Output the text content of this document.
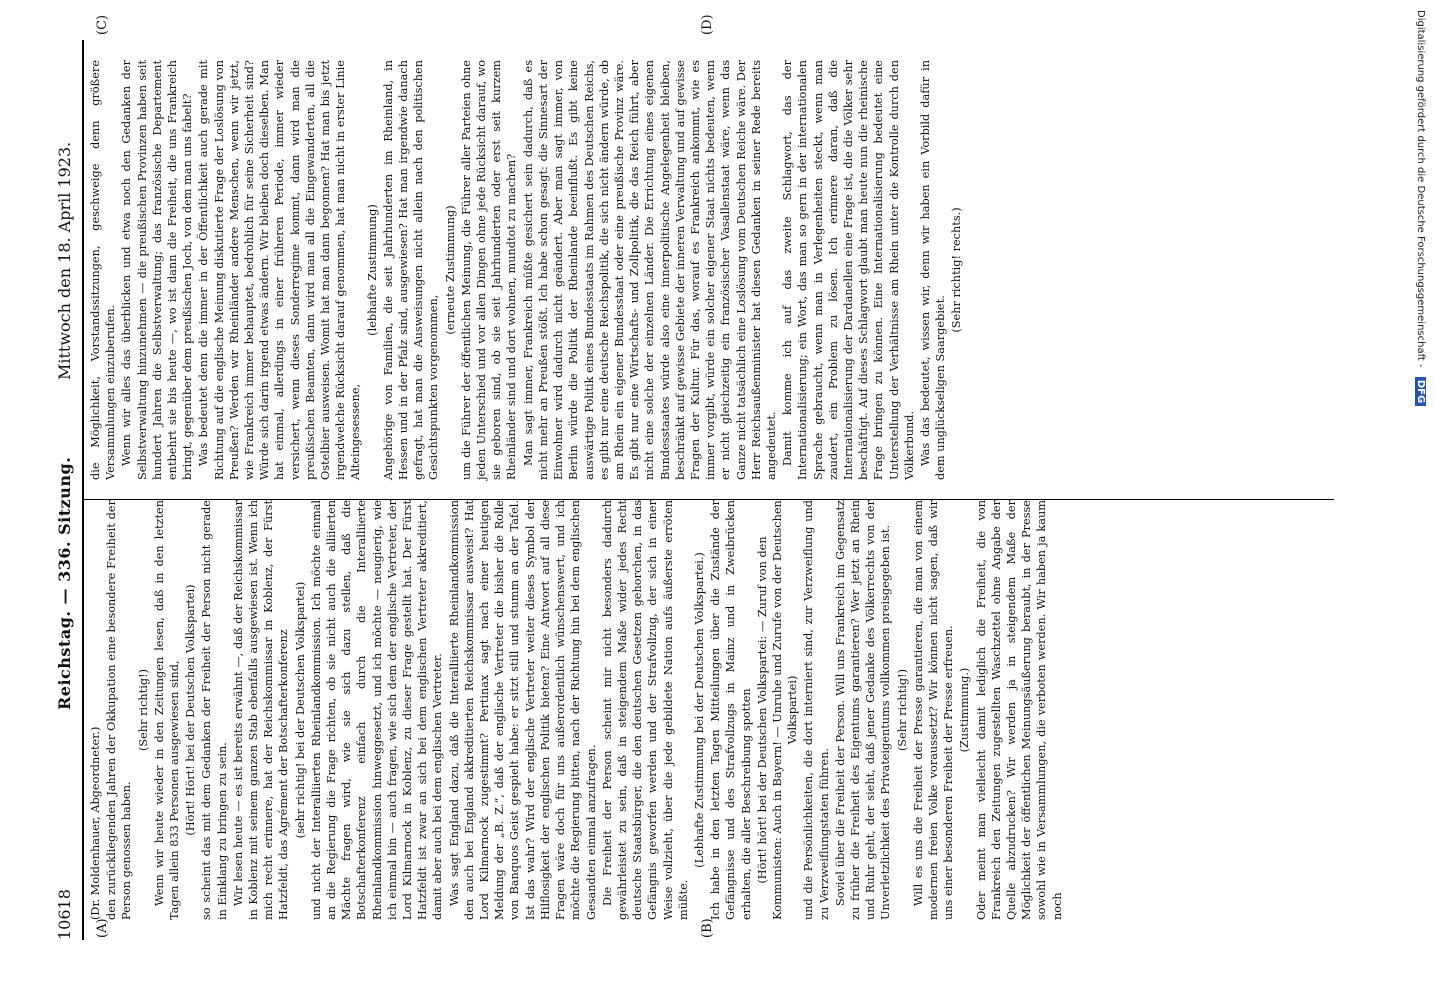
10618
Reichstag. — 336. Sitzung.
Mittwoch den 18. April 1923.
(A)	(B)
(C)	(D)

(Dr. Moldenhauer, Abgeordneter.) den zurückliegenden Jahren der Okkupation eine besondere Freiheit der Person genossen haben.

(Sehr richtig!) Wenn wir heute wieder in den Zeitungen lesen, daß in den letzten Tagen allein 833 Personen ausgewiesen sind, (Hört! Hört! bei der Deutschen Volkspartei) so scheint das mit dem Gedanken der Freiheit der Person nicht gerade in Einklang zu bringen zu sein. Wir lesen heute — es ist bereits erwähnt —, daß der Reichskommissar in Koblenz mit seinem ganzen Stab ebenfalls ausgewiesen ist. Wenn ich mich recht erinnere, hat der Reichskommissar in Koblenz, der Fürst Hatzfeldt, das Agrément der Botschafterkonferenz (sehr richtig! bei der Deutschen Volkspartei) und nicht der Interalliierten Rheinlandkommission. Ich möchte einmal an die Regierung die Frage richten, ob sie nicht auch die alliierten Mächte fragen wird, wie sie sich dazu stellen, daß die Botschafterkonferenz einfach durch die Interalliierte Rheinlandkommission hinweggesetzt, und ich möchte — neugierig, wie ich einmal bin — auch fragen, wie sich dem der englische Vertreter, der Lord Kilmarnock in Koblenz, zu dieser Frage gestellt hat. Der Fürst Hatzfeldt ist zwar an sich bei dem englischen Vertreter akkreditiert, damit aber auch bei dem englischen Vertreter. Was sagt England dazu, daß die Interalliierte Rheinlandkommission den auch bei England akkreditierten Reichskommissar ausweist? Hat Lord Kilmarnock zugestimmt? Pertinax sagt nach einer heutigen Meldung der „B. Z.“, daß der englische Vertreter die bisher die Rolle von Banquos Geist gespielt habe: er sitzt still und stumm an der Tafel. Ist das wahr? Wird der englische Vertreter weiter dieses Symbol der Hilflosigkeit der englischen Politik bieten? Eine Antwort auf all diese Fragen wäre doch für uns außerordentlich wünschenswert, und ich möchte die Regierung bitten, nach der Richtung hin bei dem englischen Gesandten einmal anzufragen. Die Freiheit der Person scheint mir nicht besonders dadurch gewährleistet zu sein, daß in steigendem Maße wider jedes Recht deutsche Staatsbürger, die den deutschen Gesetzen gehorchen, in das Gefängnis geworfen werden und der Strafvollzug, der sich in einer Weise vollzieht, über die jede gebildete Nation aufs äußerste erröten müßte.

(Lebhafte Zustimmung bei der Deutschen Volkspartei.) Ich habe in den letzten Tagen Mitteilungen über die Zustände der Gefängnisse und des Strafvollzugs in Mainz und in Zweibrücken erhalten, die aller Beschreibung spotten (Hört! hört! bei der Deutschen Volkspartei: — Zuruf von den Kommunisten: Auch in Bayern! — Unruhe und Zurufe von der Deutschen Volkspartei) und die Persönlichkeiten, die dort interniert sind, zur Verzweiflung und zu Verzweiflungstaten führen. Soviel über die Freiheit der Person. Will uns Frankreich im Gegensatz zu früher die Freiheit des Eigentums garantieren? Wer jetzt an Rhein und Ruhr geht, der sieht, daß jener Gedanke des Völkerrechts von der Unverletzlichkeit des Privateigentums vollkommen preisgegeben ist. (Sehr richtig!) Will es uns die Freiheit der Presse garantieren, die man von einem modernen freien Volke voraussetzt? Wir können nicht sagen, daß wir uns einer besonderen Freiheit der Presse erfreuen. (Zustimmung.) Oder meint man vielleicht damit lediglich die Freiheit, die von Frankreich den Zeitungen zugestellten Waschzettel ohne Angabe der Quelle abzudrucken? Wir werden ja in steigendem Maße der Möglichkeit der öffentlichen Meinungsäußerung beraubt, in der Presse sowohl wie in Versammlungen, die verboten werden. Wir haben ja kaum noch

die Möglichkeit, Vorstandssitzungen, geschweige denn größere Versammlungen einzuberufen. Wenn wir alles das überblicken und etwa noch den Gedanken der Selbstverwaltung hinzunehmen — die preußischen Provinzen haben seit hundert Jahren die Selbstverwaltung; das französische Departement entbehrt sie bis heute —, wo ist dann die Freiheit, die uns Frankreich bringt, gegenüber dem preußischen Joch, von dem man uns fabelt? Was bedeutet denn die immer in der Öffentlichkeit auch gerade mit Richtung auf die englische Meinung diskutierte Frage der Loslösung von Preußen? Werden wir Rheinländer andere Menschen, wenn wir jetzt, wie Frankreich immer behauptet, bedrohlich für seine Sicherheit sind? Würde sich darin irgend etwas ändern. Wir bleiben doch dieselben. Man hat einmal, allerdings in einer früheren Periode, immer wieder versichert, wenn dieses Sonderregime kommt, dann wird man die preußischen Beamten, dann wird man all die Eingewanderten, all die Ostelbier ausweisen. Womit hat man dann begonnen? Hat man bis jetzt irgendwelche Rücksicht darauf genommen, hat man nicht in erster Linie Alteingesessene,

(lebhafte Zustimmung) Angehörige von Familien, die seit Jahrhunderten im Rheinland, in Hessen und in der Pfalz sind, ausgewiesen? Hat man irgendwie danach gefragt, hat man die Ausweisungen nicht allein nach den politischen Gesichtspunkten vorgenommen,

(erneute Zustimmung) um die Führer der öffentlichen Meinung, die Führer aller Parteien ohne jeden Unterschied und vor allen Dingen ohne jede Rücksicht darauf, wo sie geboren sind, ob sie seit Jahrhunderten oder erst seit kurzem Rheinländer sind und dort wohnen, mundtot zu machen? Man sagt immer, Frankreich müßte gesichert sein dadurch, daß es nicht mehr an Preußen stößt. Ich habe schon gesagt: die Sinnesart der Einwohner wird dadurch nicht geändert. Aber man sagt immer, von Berlin würde die Politik der Rheinlande beeinflußt. Es gibt keine auswärtige Politik eines Bundesstaats im Rahmen des Deutschen Reichs, es gibt nur eine deutsche Reichspolitik, die sich nicht ändern würde, ob am Rhein ein eigener Bundesstaat oder eine preußische Provinz wäre. Es gibt nur eine Wirtschafts- und Zollpolitik, die das Reich führt, aber nicht eine solche der einzelnen Länder. Die Errichtung eines eigenen Bundesstaates würde also eine innerpolitische Angelegenheit bleiben, beschränkt auf gewisse Gebiete der inneren Verwaltung und auf gewisse Fragen der Kultur. Für das, worauf es Frankreich ankommt, wie es immer vorgibt, würde ein solcher eigener Staat nichts bedeuten, wenn er nicht gleichzeitig ein französischer Vasallenstaat wäre, wenn das Ganze nicht tatsächlich eine Loslösung vom Deutschen Reiche wäre. Der Herr Reichsaußenminister hat diesen Gedanken in seiner Rede bereits angedeutet. Damit komme ich auf das zweite Schlagwort, das der Internationalisierung; ein Wort, das man so gern in der internationalen Sprache gebraucht, wenn man in Verlegenheiten steckt, wenn man zaudert, ein Problem zu lösen. Ich erinnere daran, daß die Internationalisierung der Dardanellen eine Frage ist, die die Völker sehr beschäftigt. Auf dieses Schlagwort glaubt man heute nun die rheinische Frage bringen zu können. Eine Internationalisierung bedeutet eine Unterstellung der Verhältnisse am Rhein unter die Kontrolle durch den Völkerbund. Was das bedeutet, wissen wir, denn wir haben ein Vorbild dafür in dem unglückseligen Saargebiet.

(Sehr richtig! rechts.)	Digitalisierung gefördert durch die Deutsche Forschungsgemeinschaft - DFG
